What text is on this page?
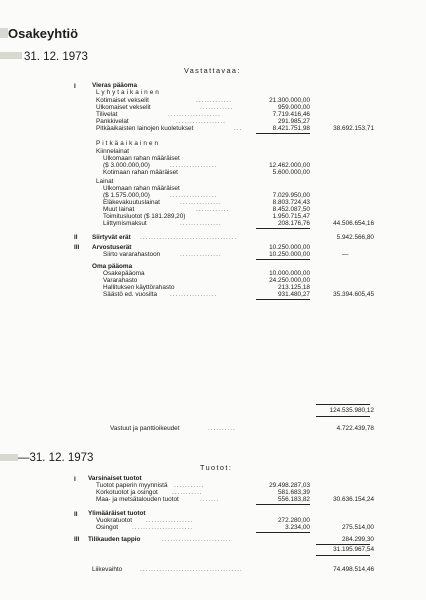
Osakeyhtiö
31. 12. 1973
Vastattavaa:
I	Vieras pääoma
Lyhytaikainen
Kotimaiset vekselit	21.300.000,00
Ulkomaiset vekselit	959.000,00
Tilivelat	7.719.416,46
Pankkivelat	291.985,27
Pitkäaikaisten lainojen kuoletukset	8.421.751,98	38.692.153,71
Pitkäaikainen
Kiinnelainat
Ulkomaan rahan määräiset
($ 3.000.000,00)	12.462.000,00
Kotimaan rahan määräiset	5.600.000,00
Lainat
Ulkomaan rahan määräiset
($ 1.575.000,00)	7.029.950,00
Eläkevakuutuslainat	8.803.724,43
Muut lainat	8.452.087,50
Toimitusluotot ($ 181.289,20)	1.950.715,47
Liittymismaksut	208.176,76	44.506.654,16
II Siirtyvät erät	5.942.566,80
III Arvostuserät	10.250.000,00
Siirto vararahastoon	10.250.000,00	—
Oma pääoma
Osakepääoma	10.000.000,00
Vararahasto	24.250.000,00
Hallituksen käyttörahasto	213.125,18
Säästö ed. vuosilta	931.480,27	35.394.605,45
.............
............
...................
..................
...
.................
.................
...............
............
...............
...................................
...............
.................
124.535.980,12
Vastuut ja panttioikeudet	..........	4.722.439,78
—31. 12. 1973
Tuotot:
I Varsinaiset tuotot
Tuotot paperin myynnistä ...........	29.498.287,03
Korkotuotot ja osingot ...........	581.683,39
Maa- ja metsätalouden tuotot	.......	556.183,82	30.636.154,24
II Ylimääräiset tuotot
Vuokratuotot .................	272.280,00
Osingot ......................	3.234,00	275.514,00
III Tilikauden tappio	.........................	284.299,30
31.195.967,54
Liikevaihto	.....................................	74.498.514,46
